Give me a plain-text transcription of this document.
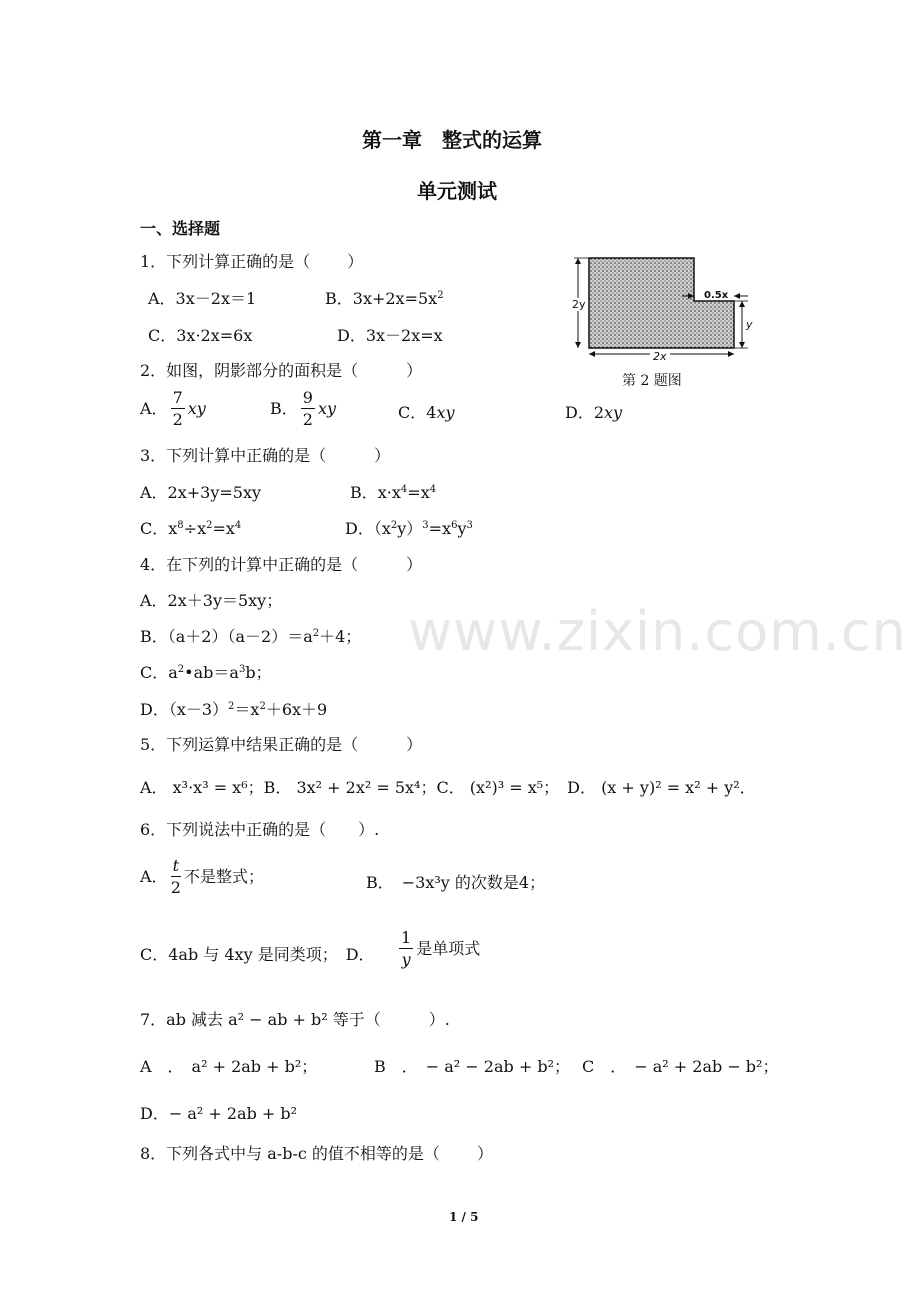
www.zixin.com.cn
第一章　整式的运算
单元测试
一、选择题
2y
0.5x
y
2x
第 2 题图
1．下列计算正确的是（　　 ）
A．3x－2x＝1	B．$3x+2x=5x^2$
C．3x·2x=6x	D．3x－2x=x
2．如图，阴影部分的面积是（　　　）
A． $\frac{7}{2}$ xy	B． $\frac{9}{2}$ xy	C．4xy	D．2xy
3．下列计算中正确的是（　　　）
A．2x+3y=5xy	B．$x\cdot x^4=x^4$
C．$x^8\div x^2=x^4$	D．$(x^2y)^3=x^6y^3$
4．在下列的计算中正确的是（　　　）
A．2x＋3y＝5xy；
B．$(a+2)(a-2)=a^2+4$；
C．$a^2•ab=a^3b$；
D．$(x-3)^2=x^2+6x+9$
5．下列运算中结果正确的是（　　　）
A． x³·x³ = x⁶；B． 3x² + 2x² = 5x⁴；C． (x²)³ = x⁵；　D． (x + y)² = x² + y²．
6．下列说法中正确的是（　　）.
A． $\frac{t}{2}$ 不是整式；	B．　−3x³y 的次数是4；
C．4ab 与 4xy 是同类项；　D． $\frac{1}{y}$ 是单项式
7．ab 减去 a² − ab + b² 等于（　　　）.
A　．　a² + 2ab + b²；	B　．　− a² − 2ab + b²； C　．　− a² + 2ab − b²；
D．− a² + 2ab + b²
8．下列各式中与 a-b-c 的值不相等的是（　　 ）
1 / 5
